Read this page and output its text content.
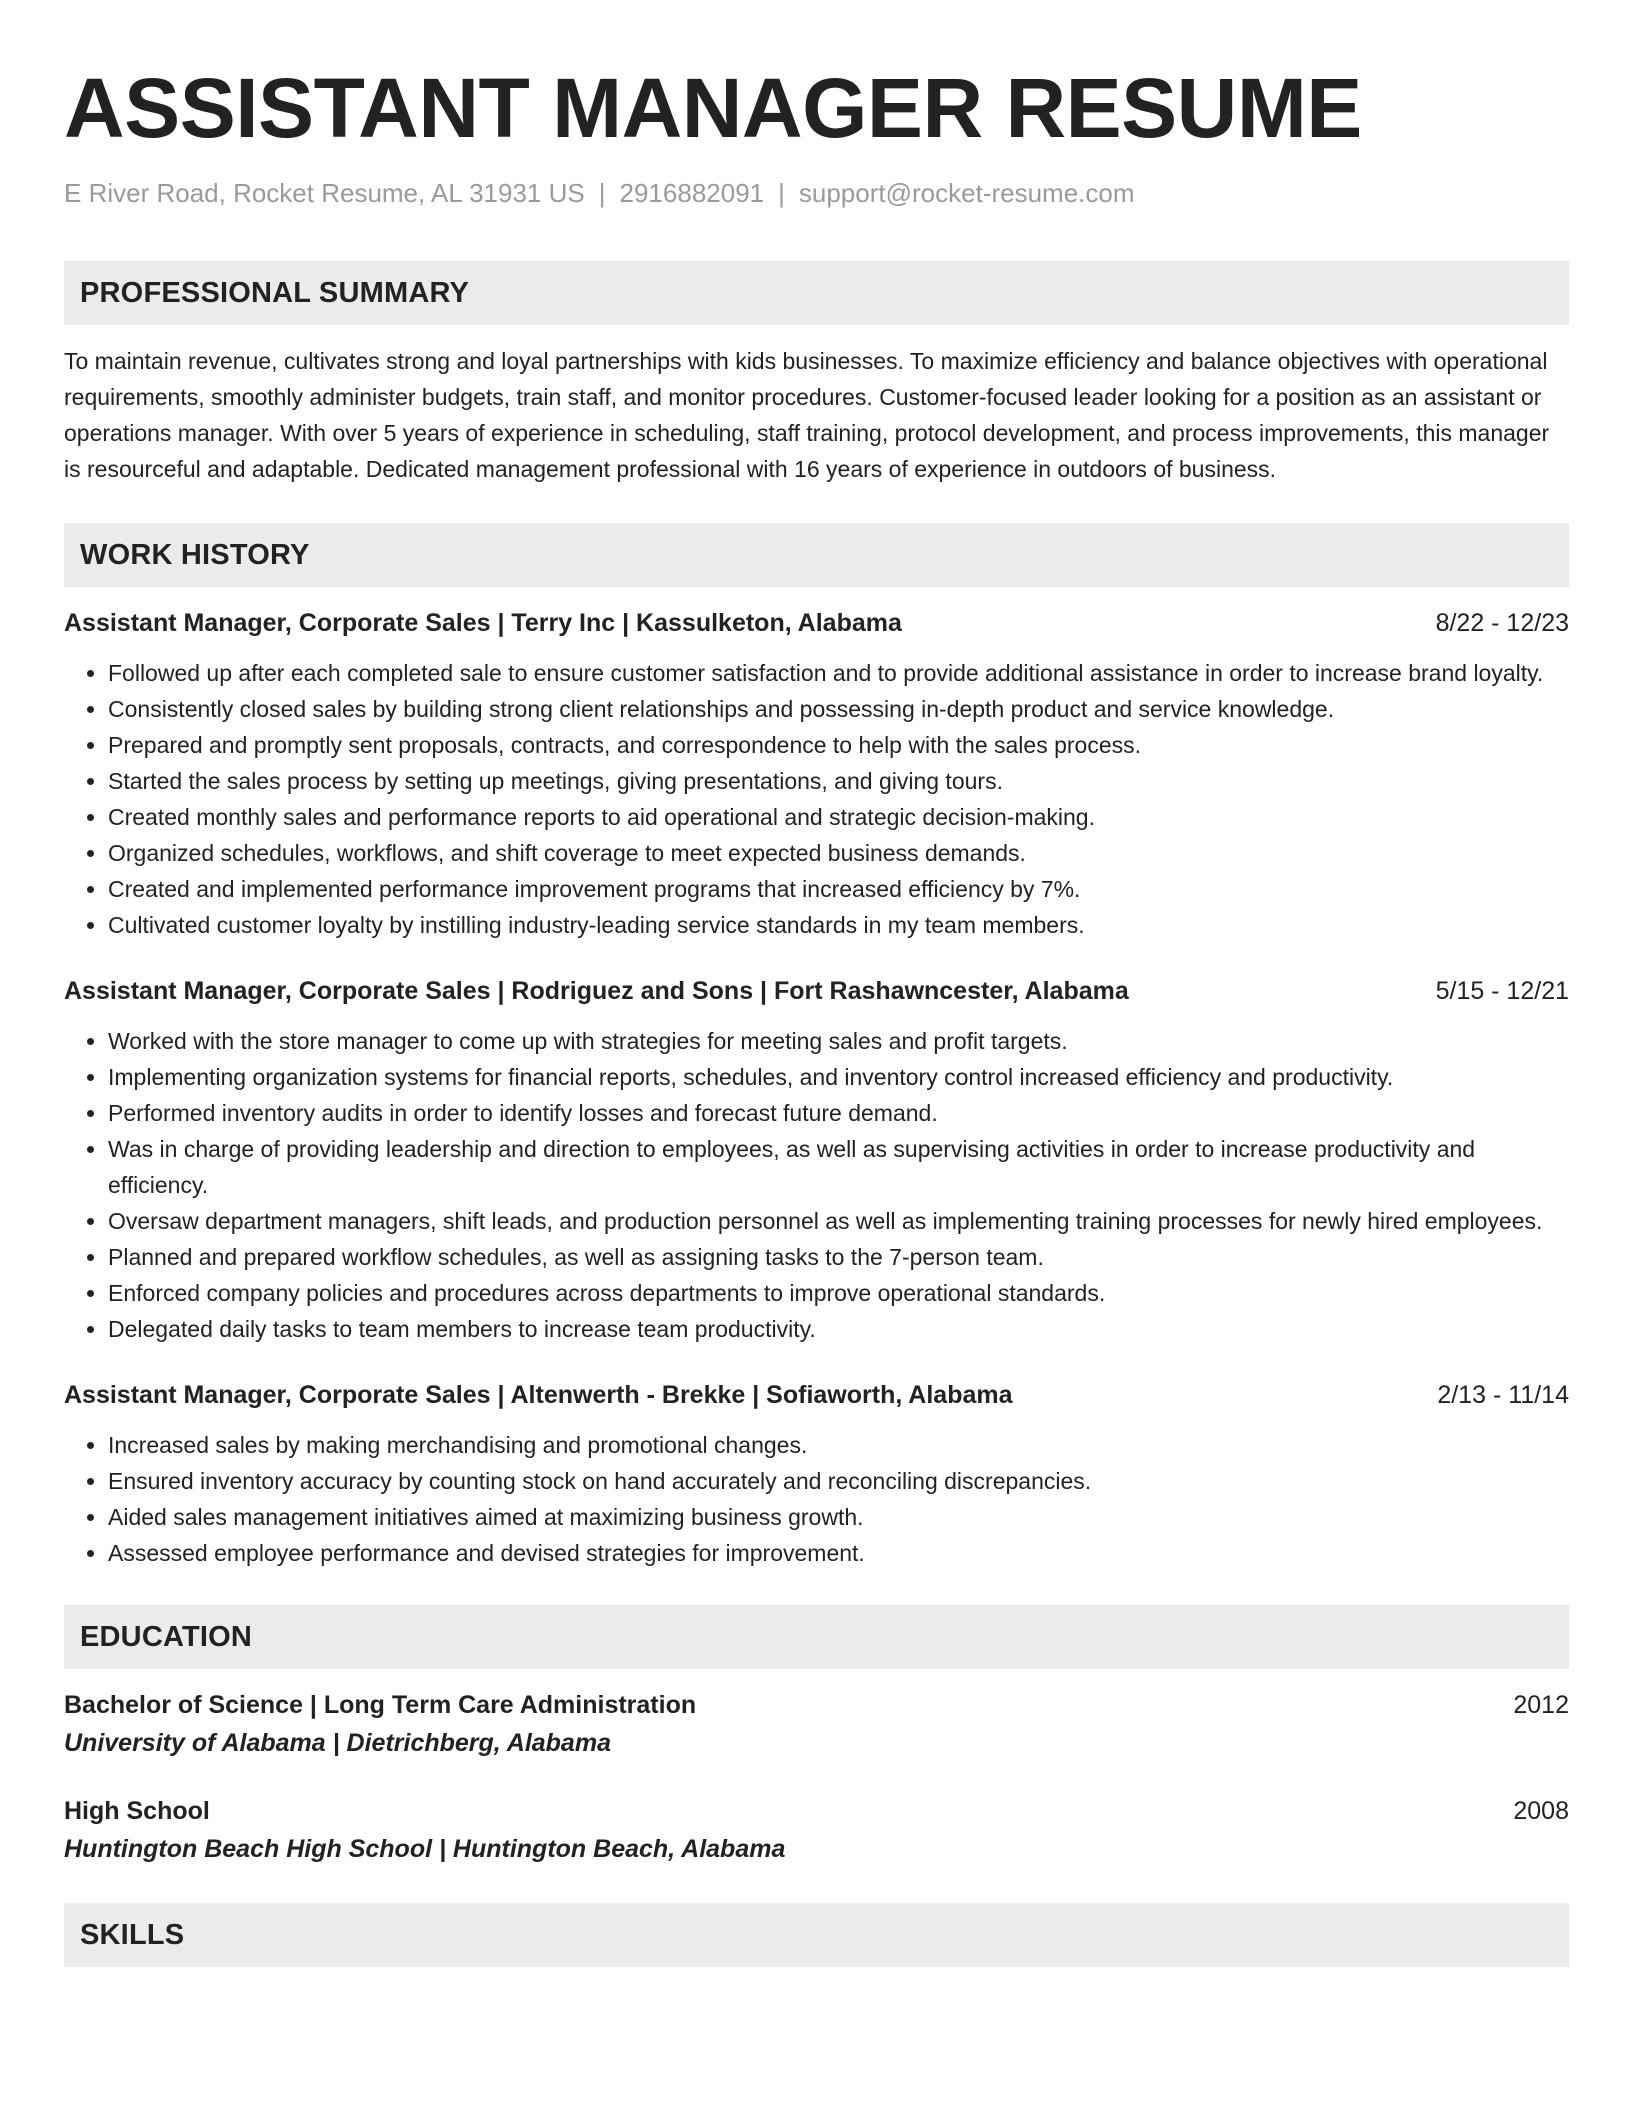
ASSISTANT MANAGER RESUME
E River Road, Rocket Resume, AL 31931 US | 2916882091 | support@rocket-resume.com
PROFESSIONAL SUMMARY
To maintain revenue, cultivates strong and loyal partnerships with kids businesses. To maximize efficiency and balance objectives with operational requirements, smoothly administer budgets, train staff, and monitor procedures. Customer-focused leader looking for a position as an assistant or operations manager. With over 5 years of experience in scheduling, staff training, protocol development, and process improvements, this manager is resourceful and adaptable. Dedicated management professional with 16 years of experience in outdoors of business.
WORK HISTORY
Assistant Manager, Corporate Sales | Terry Inc | Kassulketon, Alabama	8/22 - 12/23
• Followed up after each completed sale to ensure customer satisfaction and to provide additional assistance in order to increase brand loyalty.
• Consistently closed sales by building strong client relationships and possessing in-depth product and service knowledge.
• Prepared and promptly sent proposals, contracts, and correspondence to help with the sales process.
• Started the sales process by setting up meetings, giving presentations, and giving tours.
• Created monthly sales and performance reports to aid operational and strategic decision-making.
• Organized schedules, workflows, and shift coverage to meet expected business demands.
• Created and implemented performance improvement programs that increased efficiency by 7%.
• Cultivated customer loyalty by instilling industry-leading service standards in my team members.
Assistant Manager, Corporate Sales | Rodriguez and Sons | Fort Rashawncester, Alabama	5/15 - 12/21
• Worked with the store manager to come up with strategies for meeting sales and profit targets.
• Implementing organization systems for financial reports, schedules, and inventory control increased efficiency and productivity.
• Performed inventory audits in order to identify losses and forecast future demand.
• Was in charge of providing leadership and direction to employees, as well as supervising activities in order to increase productivity and efficiency.
• Oversaw department managers, shift leads, and production personnel as well as implementing training processes for newly hired employees.
• Planned and prepared workflow schedules, as well as assigning tasks to the 7-person team.
• Enforced company policies and procedures across departments to improve operational standards.
• Delegated daily tasks to team members to increase team productivity.
Assistant Manager, Corporate Sales | Altenwerth - Brekke | Sofiaworth, Alabama	2/13 - 11/14
• Increased sales by making merchandising and promotional changes.
• Ensured inventory accuracy by counting stock on hand accurately and reconciling discrepancies.
• Aided sales management initiatives aimed at maximizing business growth.
• Assessed employee performance and devised strategies for improvement.
EDUCATION
Bachelor of Science | Long Term Care Administration	2012
University of Alabama | Dietrichberg, Alabama
High School	2008
Huntington Beach High School | Huntington Beach, Alabama
SKILLS
